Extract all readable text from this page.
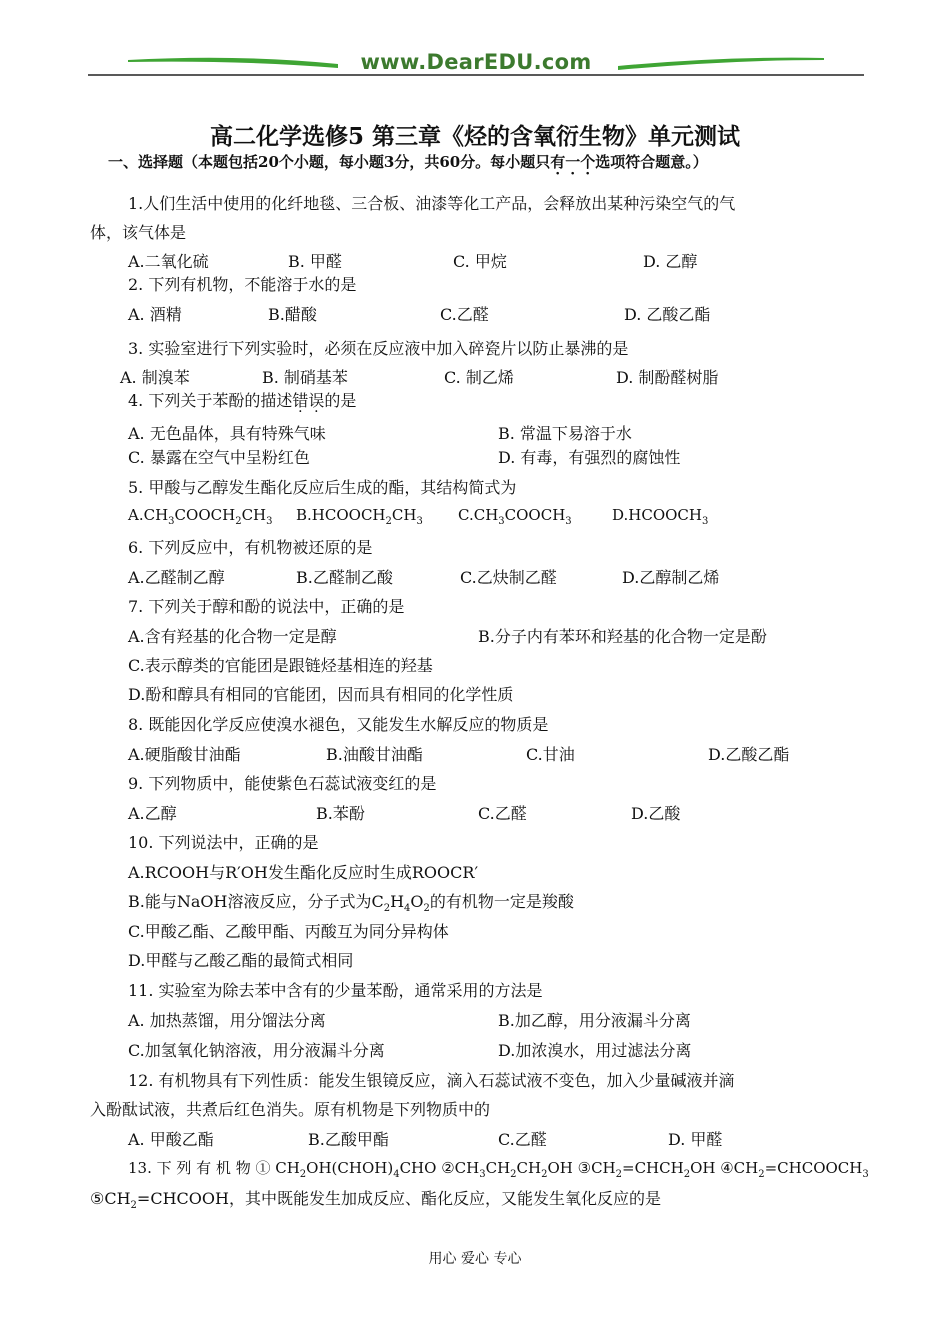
www.DearEDU.com
高二化学选修5 第三章《烃的含氧衍生物》单元测试
一、选择题（本题包括20个小题，每小题3分，共60分。每小题只有一个选项符合题意。）
1.人们生活中使用的化纤地毯、三合板、油漆等化工产品，会释放出某种污染空气的气
体，该气体是
A.二氧化硫	B. 甲醛	C. 甲烷	D. 乙醇
2. 下列有机物，不能溶于水的是
A. 酒精	B.醋酸	C.乙醛	D. 乙酸乙酯
3. 实验室进行下列实验时，必须在反应液中加入碎瓷片以防止暴沸的是
A. 制溴苯	B. 制硝基苯	C. 制乙烯	D. 制酚醛树脂
4. 下列关于苯酚的描述错误的是
A. 无色晶体，具有特殊气味	B. 常温下易溶于水
C. 暴露在空气中呈粉红色	D. 有毒，有强烈的腐蚀性
5. 甲酸与乙醇发生酯化反应后生成的酯，其结构简式为
$A.CH_3COOCH_2CH_3$ $B.HCOOCH_2CH_3$ $C.CH_3COOCH_3$	$D.HCOOCH_3$
6. 下列反应中，有机物被还原的是
A.乙醛制乙醇	B.乙醛制乙酸	C.乙炔制乙醛	D.乙醇制乙烯
7. 下列关于醇和酚的说法中，正确的是
A.含有羟基的化合物一定是醇	B.分子内有苯环和羟基的化合物一定是酚
C.表示醇类的官能团是跟链烃基相连的羟基
D.酚和醇具有相同的官能团，因而具有相同的化学性质
8. 既能因化学反应使溴水褪色，又能发生水解反应的物质是
A.硬脂酸甘油酯	B.油酸甘油酯	C.甘油	D.乙酸乙酯
9. 下列物质中，能使紫色石蕊试液变红的是
A.乙醇	B.苯酚	C.乙醛	D.乙酸
10. 下列说法中，正确的是
A.RCOOH与R′OH发生酯化反应时生成ROOCR′
B.能与NaOH溶液反应，分子式为$C_2H_4O_2$的有机物一定是羧酸
C.甲酸乙酯、乙酸甲酯、丙酸互为同分异构体
D.甲醛与乙酸乙酯的最简式相同
11. 实验室为除去苯中含有的少量苯酚，通常采用的方法是
A. 加热蒸馏，用分馏法分离	B.加乙醇，用分液漏斗分离
C.加氢氧化钠溶液，用分液漏斗分离	D.加浓溴水，用过滤法分离
12. 有机物具有下列性质：能发生银镜反应，滴入石蕊试液不变色，加入少量碱液并滴
入酚酞试液，共煮后红色消失。原有机物是下列物质中的
A. 甲酸乙酯	B.乙酸甲酯	C.乙醛	D. 甲醛
13. 下 列 有 机 物 ① $CH_2OH(CHOH)_4CHO$ $②CH_3CH_2CH_2OH$ $③CH_2=CHCH_2OH$ $④CH_2=CHCOOCH_3$
$⑤CH_2=CHCOOH$，其中既能发生加成反应、酯化反应，又能发生氧化反应的是
用心 爱心 专心
